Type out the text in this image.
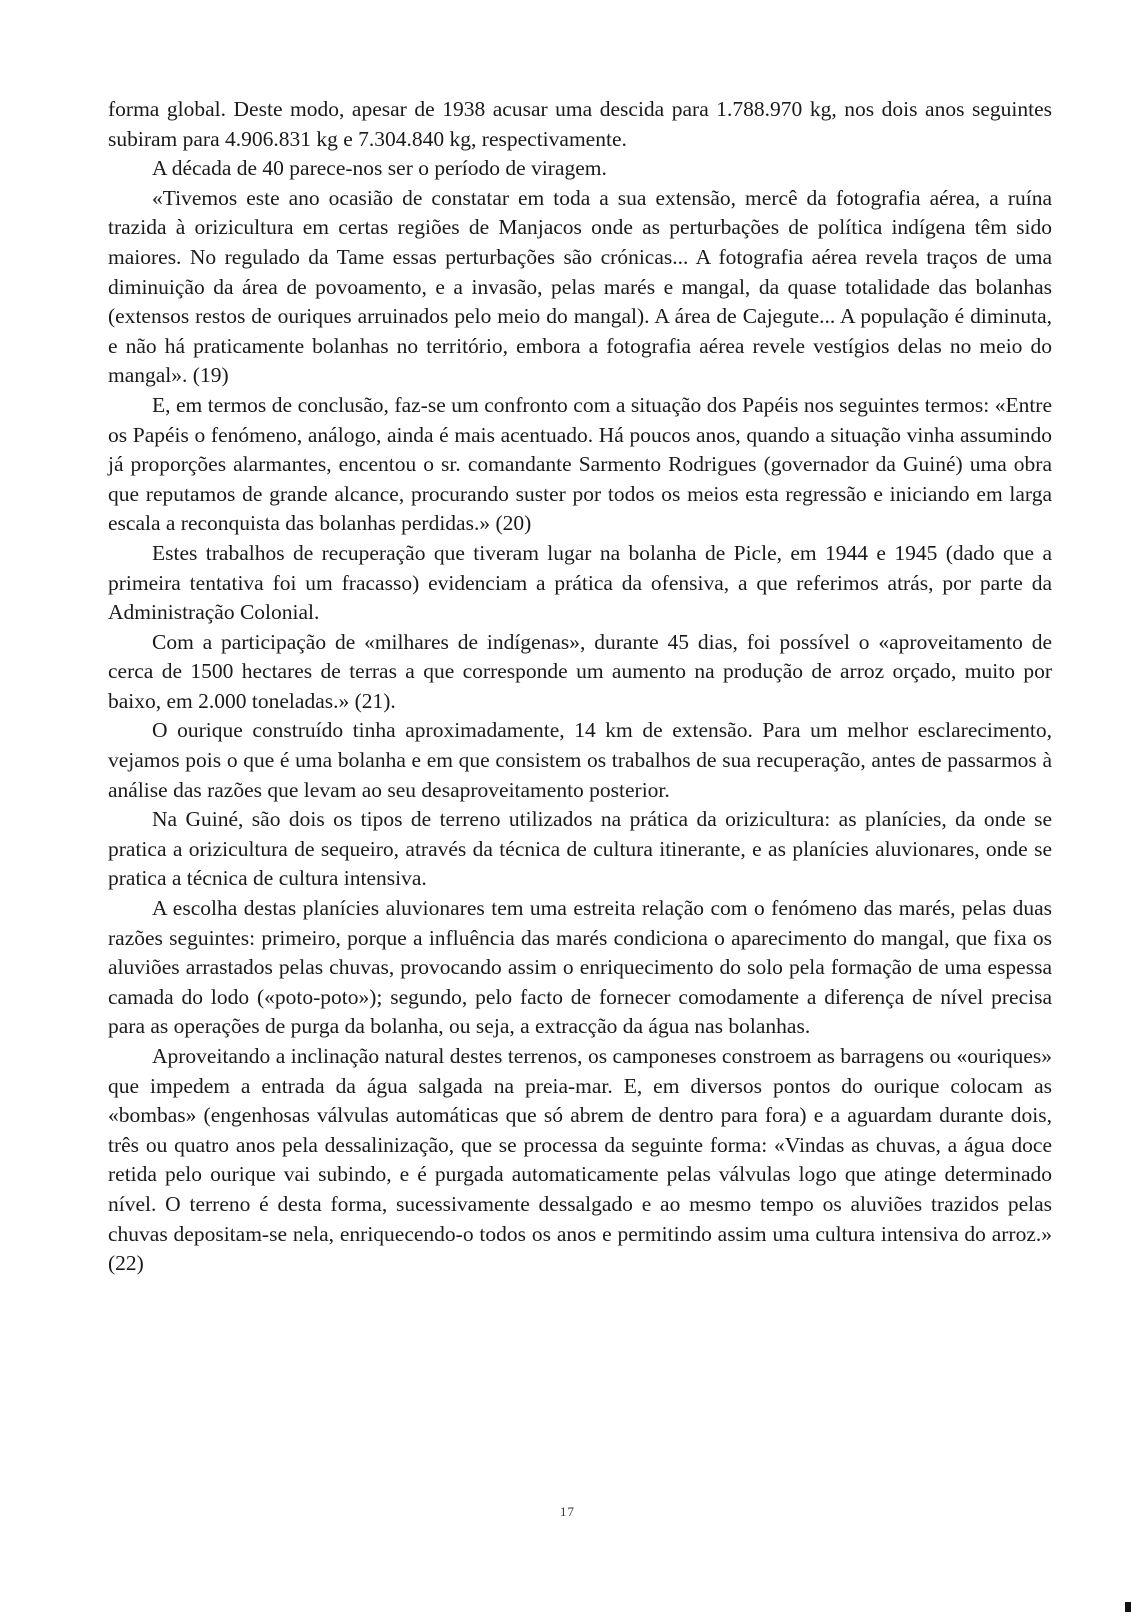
forma global. Deste modo, apesar de 1938 acusar uma descida para 1.788.970 kg, nos dois anos seguintes subiram para 4.906.831 kg e 7.304.840 kg, respectivamente.

A década de 40 parece-nos ser o período de viragem.

«Tivemos este ano ocasião de constatar em toda a sua extensão, mercê da fotografia aérea, a ruína trazida à orizicultura em certas regiões de Manjacos onde as perturbações de política indígena têm sido maiores. No regulado da Tame essas perturbações são crónicas... A fotografia aérea revela traços de uma diminuição da área de povoamento, e a invasão, pelas marés e mangal, da quase totalidade das bolanhas (extensos restos de ouriques arruinados pelo meio do mangal). A área de Cajegute... A população é diminuta, e não há praticamente bolanhas no território, embora a fotografia aérea revele vestígios delas no meio do mangal». (19)

E, em termos de conclusão, faz-se um confronto com a situação dos Papéis nos seguintes termos: «Entre os Papéis o fenómeno, análogo, ainda é mais acentuado. Há poucos anos, quando a situação vinha assumindo já proporções alarmantes, encentou o sr. comandante Sarmento Rodrigues (governador da Guiné) uma obra que reputamos de grande alcance, procurando suster por todos os meios esta regressão e iniciando em larga escala a reconquista das bolanhas perdidas.» (20)

Estes trabalhos de recuperação que tiveram lugar na bolanha de Picle, em 1944 e 1945 (dado que a primeira tentativa foi um fracasso) evidenciam a prática da ofensiva, a que referimos atrás, por parte da Administração Colonial.

Com a participação de «milhares de indígenas», durante 45 dias, foi possível o «aproveitamento de cerca de 1500 hectares de terras a que corresponde um aumento na produção de arroz orçado, muito por baixo, em 2.000 toneladas.» (21).

O ourique construído tinha aproximadamente, 14 km de extensão. Para um melhor esclarecimento, vejamos pois o que é uma bolanha e em que consistem os trabalhos de sua recuperação, antes de passarmos à análise das razões que levam ao seu desaproveitamento posterior.

Na Guiné, são dois os tipos de terreno utilizados na prática da orizicultura: as planícies, da onde se pratica a orizicultura de sequeiro, através da técnica de cultura itinerante, e as planícies aluvionares, onde se pratica a técnica de cultura intensiva.

A escolha destas planícies aluvionares tem uma estreita relação com o fenómeno das marés, pelas duas razões seguintes: primeiro, porque a influência das marés condiciona o aparecimento do mangal, que fixa os aluviões arrastados pelas chuvas, provocando assim o enriquecimento do solo pela formação de uma espessa camada do lodo («poto-poto»); segundo, pelo facto de fornecer comodamente a diferença de nível precisa para as operações de purga da bolanha, ou seja, a extracção da água nas bolanhas.

Aproveitando a inclinação natural destes terrenos, os camponeses constroem as barragens ou «ouriques» que impedem a entrada da água salgada na preia-mar. E, em diversos pontos do ourique colocam as «bombas» (engenhosas válvulas automáticas que só abrem de dentro para fora) e a aguardam durante dois, três ou quatro anos pela dessalinização, que se processa da seguinte forma: «Vindas as chuvas, a água doce retida pelo ourique vai subindo, e é purgada automaticamente pelas válvulas logo que atinge determinado nível. O terreno é desta forma, sucessivamente dessalgado e ao mesmo tempo os aluviões trazidos pelas chuvas depositam-se nela, enriquecendo-o todos os anos e permitindo assim uma cultura intensiva do arroz.» (22)

17
